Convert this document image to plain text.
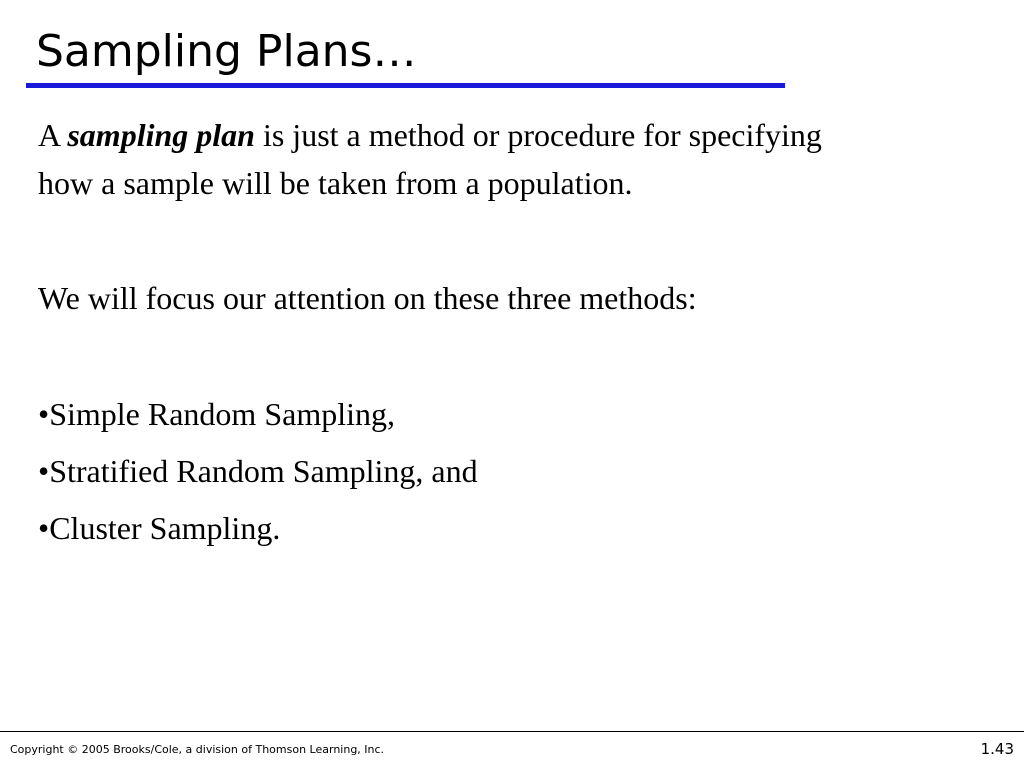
Sampling Plans…
A sampling plan is just a method or procedure for specifying
how a sample will be taken from a population.
We will focus our attention on these three methods:
•Simple Random Sampling,
•Stratified Random Sampling, and
•Cluster Sampling.
Copyright © 2005 Brooks/Cole, a division of Thomson Learning, Inc.	1.43
